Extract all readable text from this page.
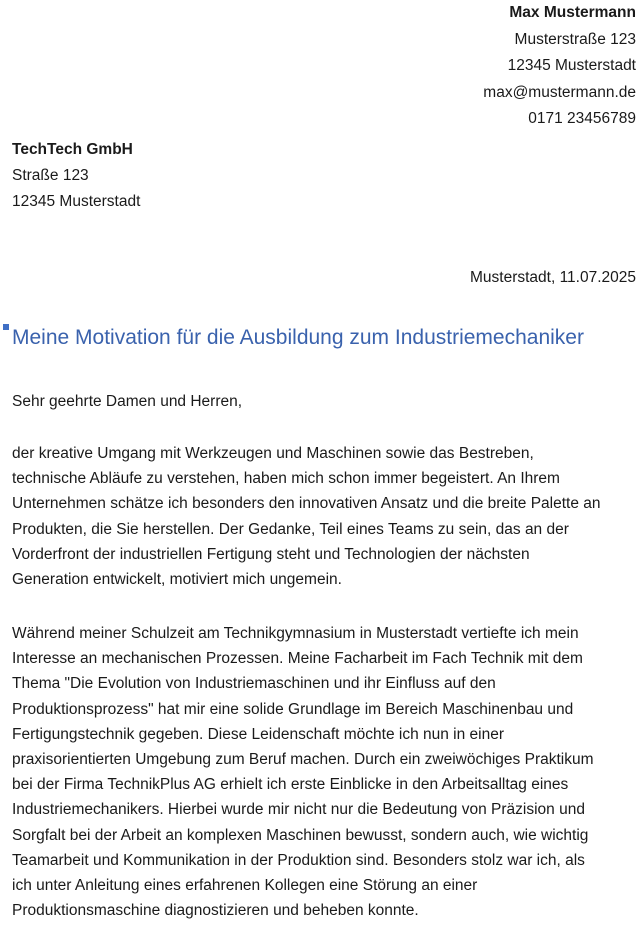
Max Mustermann
Musterstraße 123
12345 Musterstadt
max@mustermann.de
0171 23456789
TechTech GmbH
Straße 123
12345 Musterstadt
Musterstadt, 11.07.2025
Meine Motivation für die Ausbildung zum Industriemechaniker
Sehr geehrte Damen und Herren,
der kreative Umgang mit Werkzeugen und Maschinen sowie das Bestreben,
technische Abläufe zu verstehen, haben mich schon immer begeistert. An Ihrem
Unternehmen schätze ich besonders den innovativen Ansatz und die breite Palette an
Produkten, die Sie herstellen. Der Gedanke, Teil eines Teams zu sein, das an der
Vorderfront der industriellen Fertigung steht und Technologien der nächsten
Generation entwickelt, motiviert mich ungemein.
Während meiner Schulzeit am Technikgymnasium in Musterstadt vertiefte ich mein
Interesse an mechanischen Prozessen. Meine Facharbeit im Fach Technik mit dem
Thema "Die Evolution von Industriemaschinen und ihr Einfluss auf den
Produktionsprozess" hat mir eine solide Grundlage im Bereich Maschinenbau und
Fertigungstechnik gegeben. Diese Leidenschaft möchte ich nun in einer
praxisorientierten Umgebung zum Beruf machen. Durch ein zweiwöchiges Praktikum
bei der Firma TechnikPlus AG erhielt ich erste Einblicke in den Arbeitsalltag eines
Industriemechanikers. Hierbei wurde mir nicht nur die Bedeutung von Präzision und
Sorgfalt bei der Arbeit an komplexen Maschinen bewusst, sondern auch, wie wichtig
Teamarbeit und Kommunikation in der Produktion sind. Besonders stolz war ich, als
ich unter Anleitung eines erfahrenen Kollegen eine Störung an einer
Produktionsmaschine diagnostizieren und beheben konnte.
